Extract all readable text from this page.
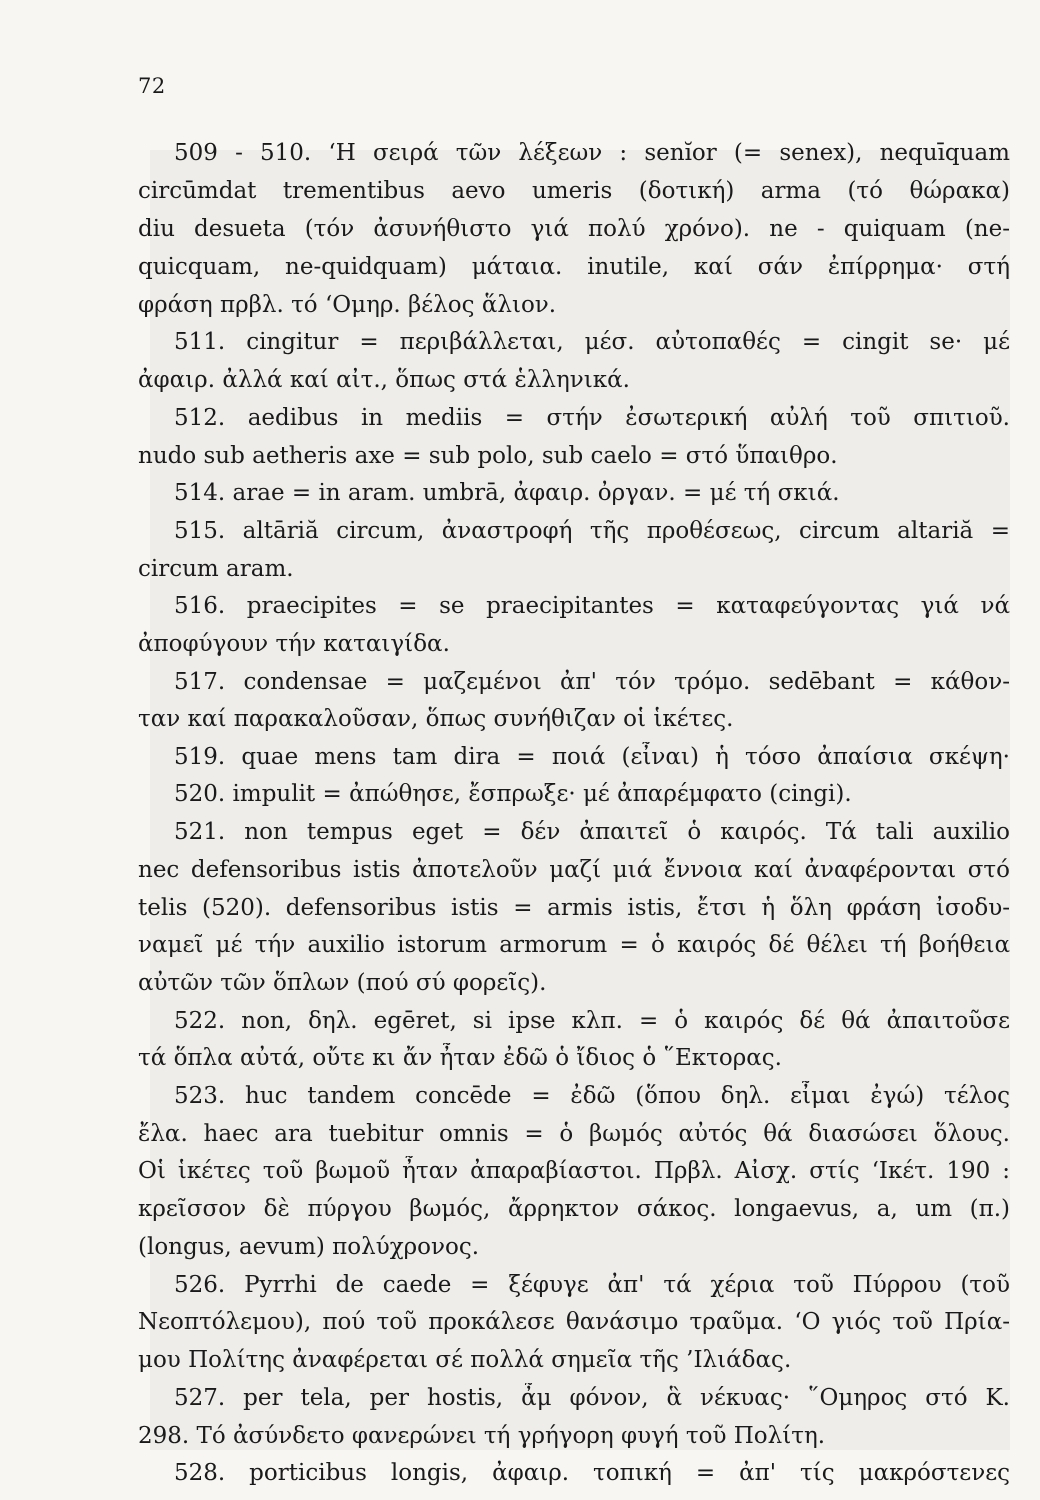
72
509 - 510. ‘Η σειρά τῶν λέξεων : senĭor (= senex), nequīquam
circūmdat trementibus aevo umeris (δοτική) arma (τό θώρακα)
diu desueta (τόν ἀσυνήθιστο γιά πολύ χρόνο). ne - quiquam (ne-
quicquam, ne-quidquam) μάταια. inutile, καί σάν ἐπίρρημα· στή
φράση πρβλ. τό ‘Ομηρ. βέλος ἅλιον.
511. cingitur = περιβάλλεται, μέσ. αὐτοπαθές = cingit se· μέ
ἀφαιρ. ἀλλά καί αἰτ., ὅπως στά ἑλληνικά.
512. aedibus in mediis = στήν ἐσωτερική αὐλή τοῦ σπιτιοῦ.
nudo sub aetheris axe = sub polo, sub caelo = στό ὕπαιθρο.
514. arae = in aram. umbrā, ἀφαιρ. ὀργαν. = μέ τή σκιά.
515. altāriă circum, ἀναστροφή τῆς προθέσεως, circum altariă =
circum aram.
516. praecipites = se praecipitantes = καταφεύγοντας γιά νά
ἀποφύγουν τήν καταιγίδα.
517. condensae = μαζεμένοι ἀπ' τόν τρόμο. sedēbant = κάθον-
ταν καί παρακαλοῦσαν, ὅπως συνήθιζαν οἱ ἱκέτες.
519. quae mens tam dira = ποιά (εἶναι) ἡ τόσο ἀπαίσια σκέψη·
520. impulit = ἀπώθησε, ἔσπρωξε· μέ ἀπαρέμφατο (cingi).
521. non tempus eget = δέν ἀπαιτεῖ ὁ καιρός. Τά tali auxilio
nec defensoribus istis ἀποτελοῦν μαζί μιά ἔννοια καί ἀναφέρονται στό
telis (520). defensoribus istis = armis istis, ἔτσι ἡ ὅλη φράση ἰσοδυ-
ναμεῖ μέ τήν auxilio istorum armorum = ὁ καιρός δέ θέλει τή βοήθεια
αὐτῶν τῶν ὅπλων (πού σύ φορεῖς).
522. non, δηλ. egēret, si ipse κλπ. = ὁ καιρός δέ θά ἀπαιτοῦσε
τά ὅπλα αὐτά, οὔτε κι ἄν ἦταν ἐδῶ ὁ ἴδιος ὁ ῞Εκτορας.
523. huc tandem concēde = ἐδῶ (ὅπου δηλ. εἶμαι ἐγώ) τέλος
ἔλα. haec ara tuebitur omnis = ὁ βωμός αὐτός θά διασώσει ὅλους.
Οἱ ἱκέτες τοῦ βωμοῦ ἦταν ἀπαραβίαστοι. Πρβλ. Αἰσχ. στίς ‘Ικέτ. 190 :
κρεῖσσον δὲ πύργου βωμός, ἄρρηκτον σάκος. longaevus, a, um (π.)
(longus, aevum) πολύχρονος.
526. Pyrrhi de caede = ξέφυγε ἀπ' τά χέρια τοῦ Πύρρου (τοῦ
Νεοπτόλεμου), πού τοῦ προκάλεσε θανάσιμο τραῦμα. ‘Ο γιός τοῦ Πρία-
μου Πολίτης ἀναφέρεται σέ πολλά σημεῖα τῆς ’Ιλιάδας.
527. per tela, per hostis, ἆμ φόνον, ἃ νέκυας· ῞Ομηρος στό Κ.
298. Τό ἀσύνδετο φανερώνει τή γρήγορη φυγή τοῦ Πολίτη.
528. porticibus longis, ἀφαιρ. τοπική = ἀπ' τίς μακρόστενες
